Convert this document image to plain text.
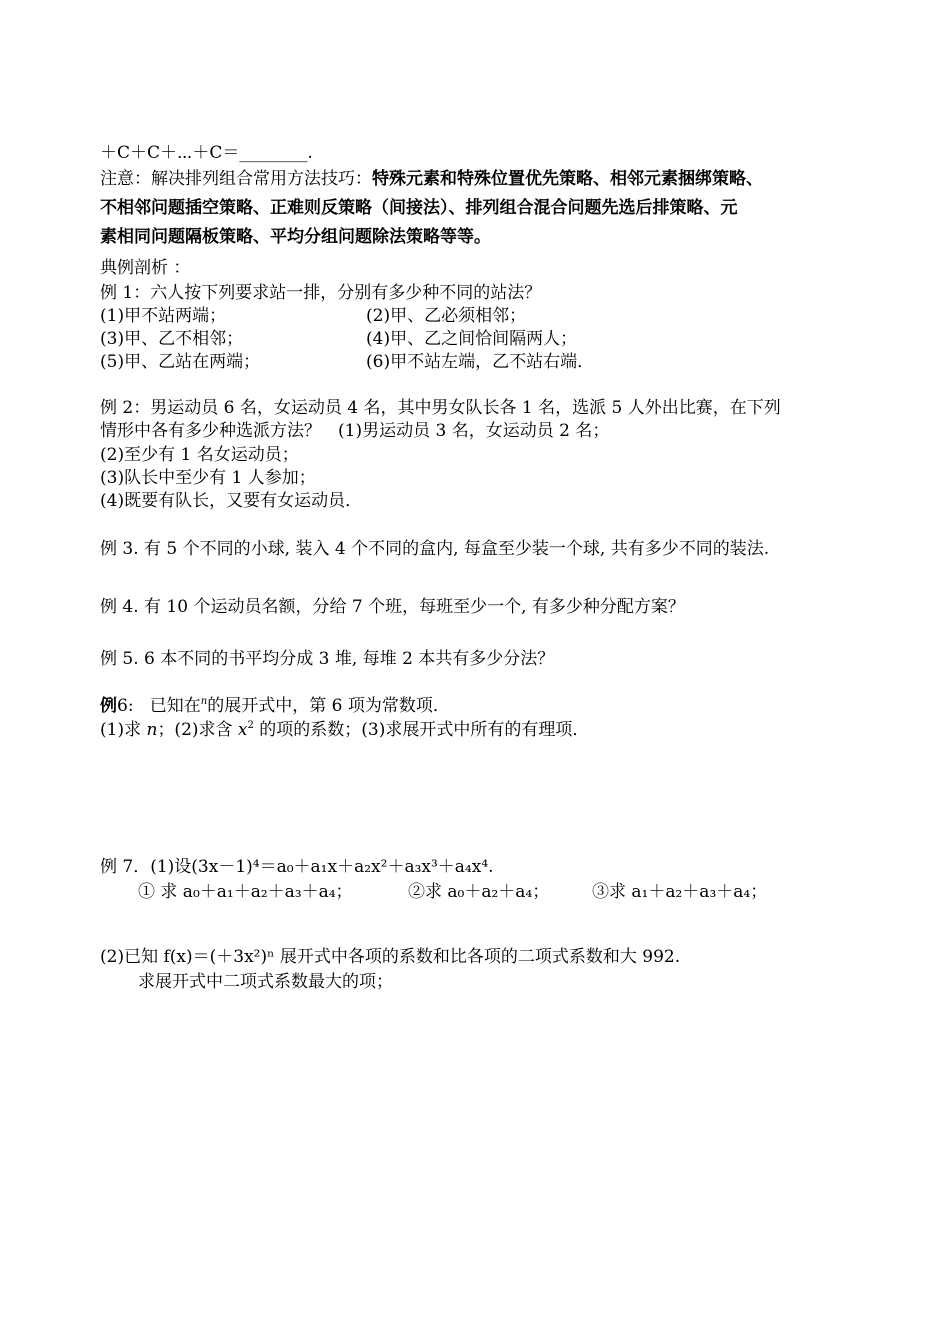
＋C＋C＋⋯＋C＝________.
注意：解决排列组合常用方法技巧：特殊元素和特殊位置优先策略、相邻元素捆绑策略、
不相邻问题插空策略、正难则反策略（间接法）、排列组合混合问题先选后排策略、元
素相同问题隔板策略、平均分组问题除法策略等等。
典例剖析 ：
例 1：六人按下列要求站一排，分别有多少种不同的站法？
(1)甲不站两端；	(2)甲、乙必须相邻；
(3)甲、乙不相邻；	(4)甲、乙之间恰间隔两人；
(5)甲、乙站在两端；	(6)甲不站左端，乙不站右端．
例 2：男运动员 6 名，女运动员 4 名，其中男女队长各 1 名，选派 5 人外出比赛，在下列
情形中各有多少种选派方法？　(1)男运动员 3 名，女运动员 2 名；
(2)至少有 1 名女运动员；
(3)队长中至少有 1 人参加；
(4)既要有队长，又要有女运动员．
例 3. 有 5 个不同的小球, 装入 4 个不同的盒内, 每盒至少装一个球, 共有多少不同的装法.
例 4. 有 10 个运动员名额，分给 7 个班，每班至少一个, 有多少种分配方案？
例 5. 6 本不同的书平均分成 3 堆, 每堆 2 本共有多少分法？
例6: 已知在$^n$的展开式中，第 6 项为常数项．
(1)求 n；(2)求含 $x^2$ 的项的系数；(3)求展开式中所有的有理项．
例 7．(1)设(3x－1)⁴＝a₀＋a₁x＋a₂x²＋a₃x³＋a₄x⁴.
① 求 a₀＋a₁＋a₂＋a₃＋a₄；	②求 a₀＋a₂＋a₄；	③求 a₁＋a₂＋a₃＋a₄；
(2)已知 f(x)＝(＋3x²)ⁿ 展开式中各项的系数和比各项的二项式系数和大 992.
求展开式中二项式系数最大的项；
